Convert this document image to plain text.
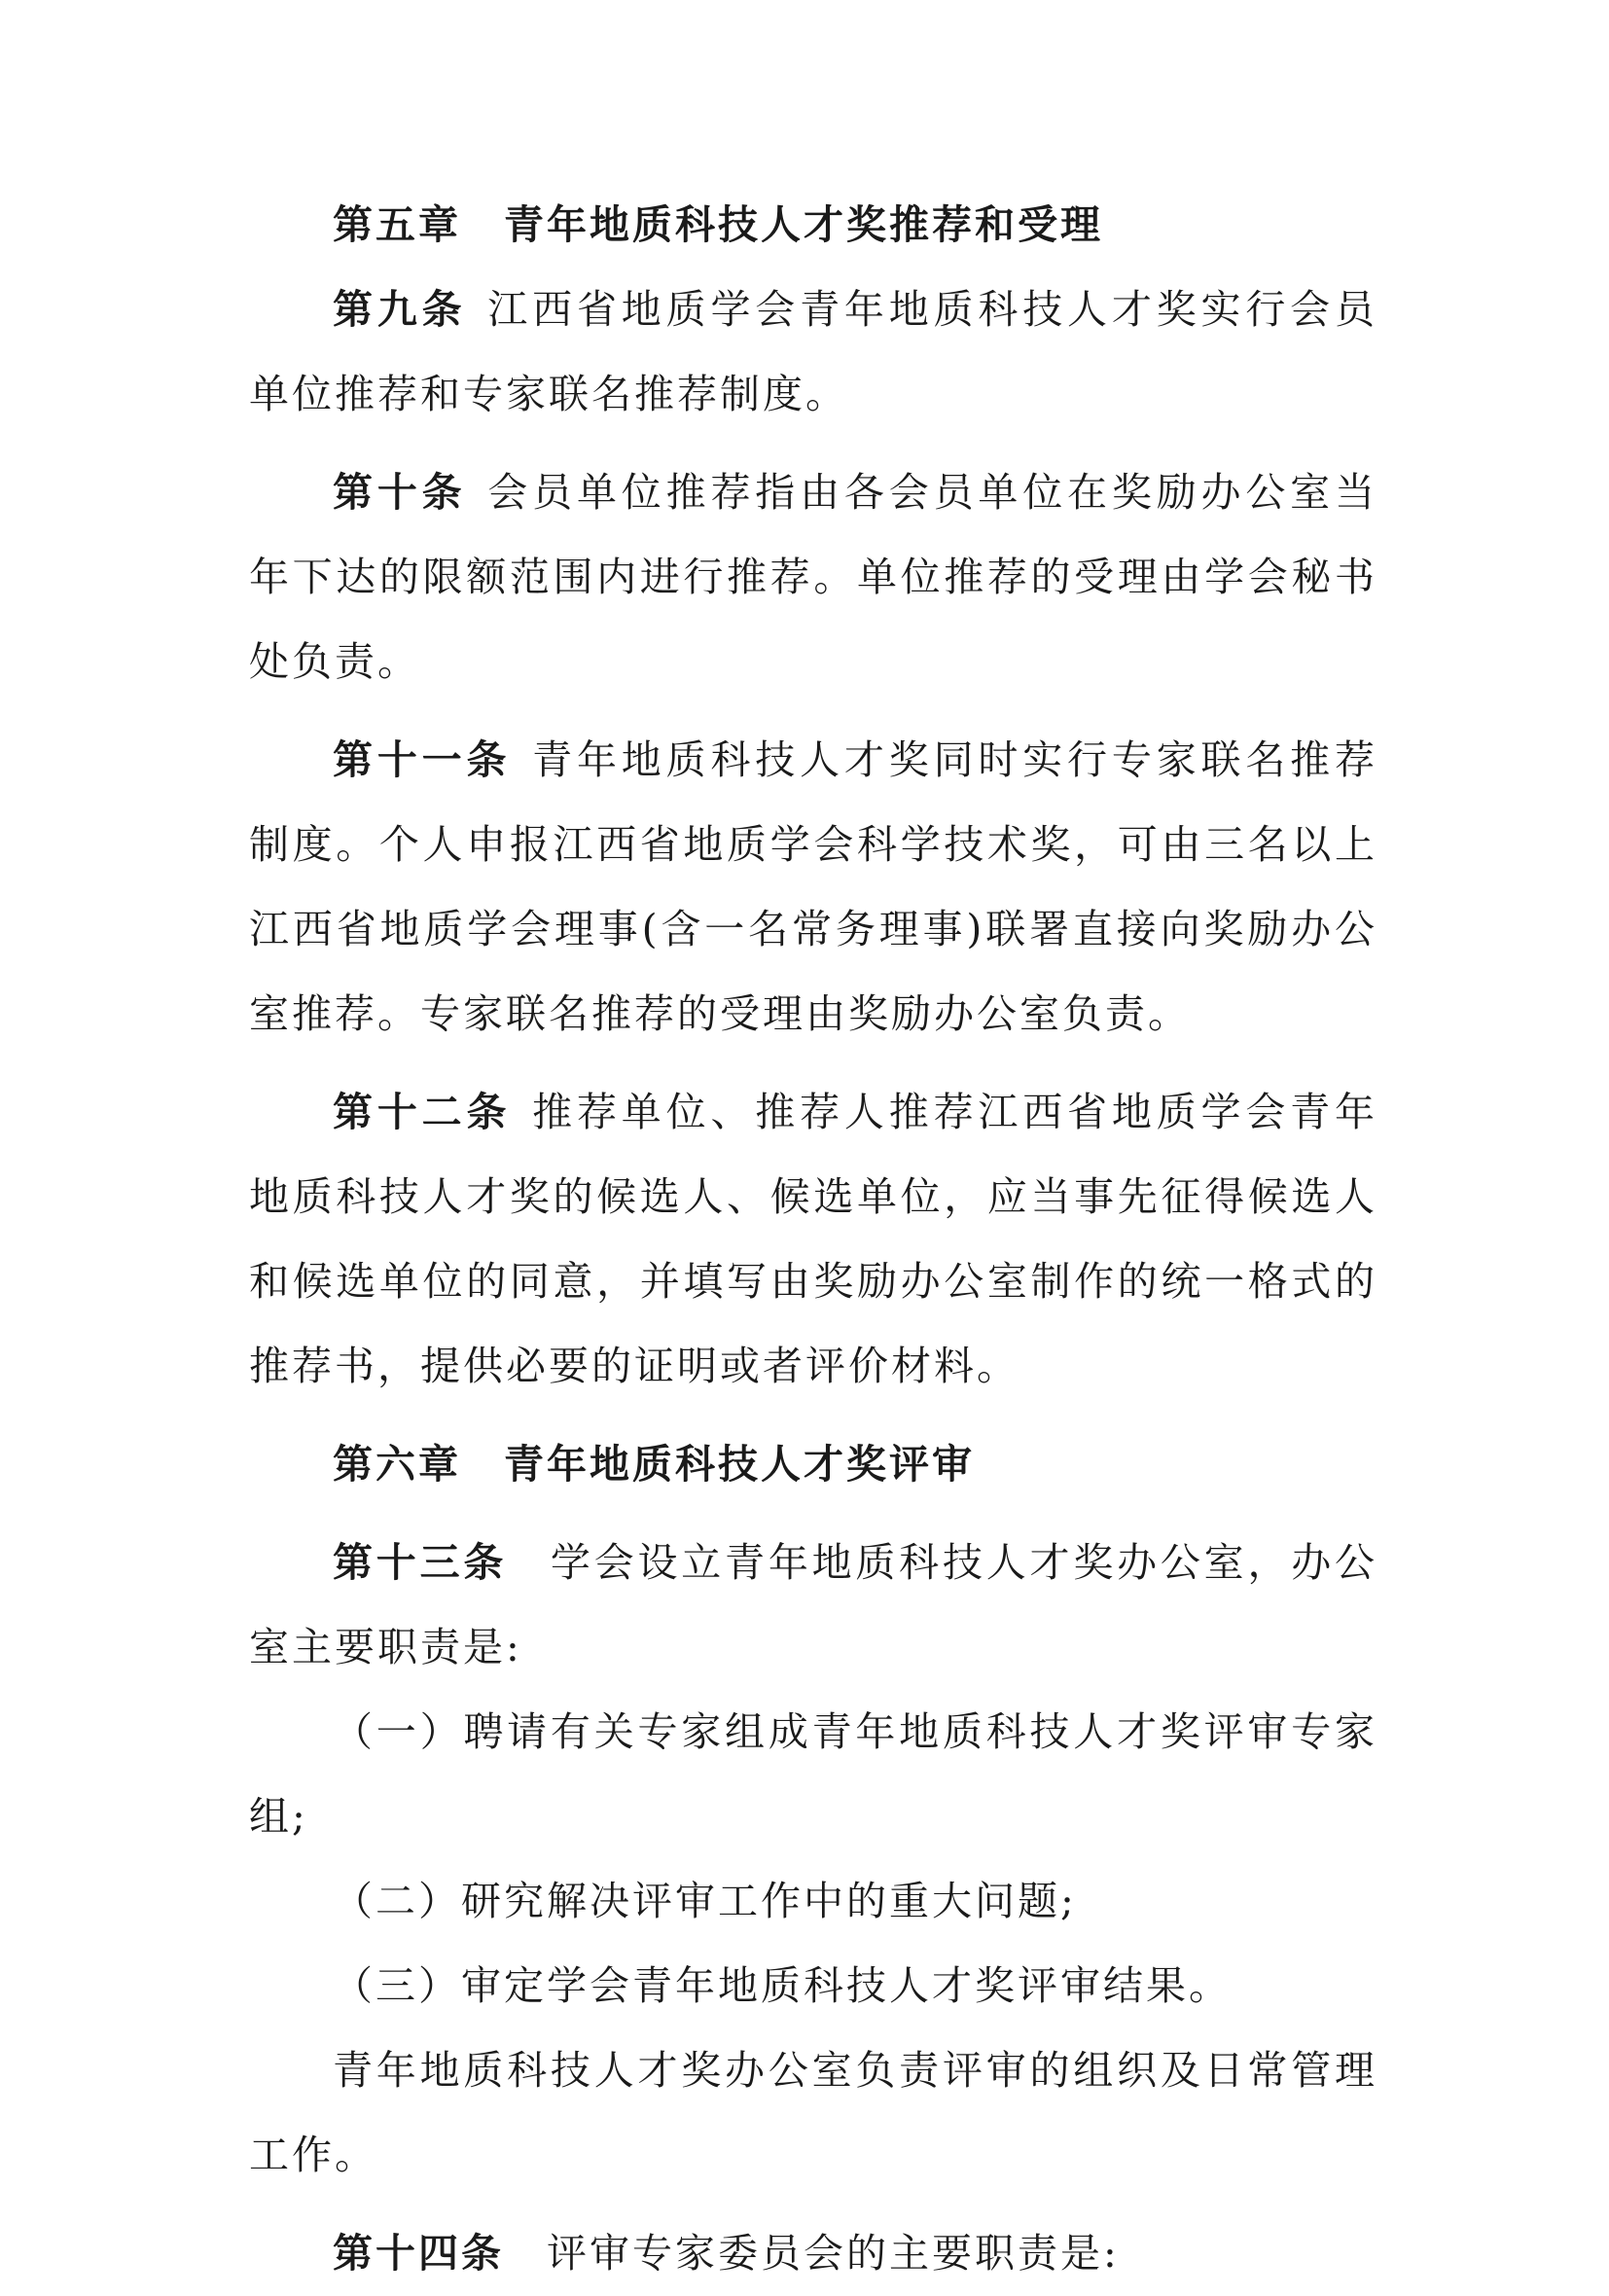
第五章 青年地质科技人才奖推荐和受理

第九条 江西省地质学会青年地质科技人才奖实行会员单位推荐和专家联名推荐制度。

第十条 会员单位推荐指由各会员单位在奖励办公室当年下达的限额范围内进行推荐。单位推荐的受理由学会秘书处负责。

第十一条 青年地质科技人才奖同时实行专家联名推荐制度。个人申报江西省地质学会科学技术奖，可由三名以上江西省地质学会理事(含一名常务理事)联署直接向奖励办公室推荐。专家联名推荐的受理由奖励办公室负责。

第十二条 推荐单位、推荐人推荐江西省地质学会青年地质科技人才奖的候选人、候选单位，应当事先征得候选人和候选单位的同意，并填写由奖励办公室制作的统一格式的推荐书，提供必要的证明或者评价材料。

第六章 青年地质科技人才奖评审

第十三条 学会设立青年地质科技人才奖办公室，办公室主要职责是:

（一）聘请有关专家组成青年地质科技人才奖评审专家组;

（二）研究解决评审工作中的重大问题;

（三）审定学会青年地质科技人才奖评审结果。

青年地质科技人才奖办公室负责评审的组织及日常管理工作。

第十四条 评审专家委员会的主要职责是:
